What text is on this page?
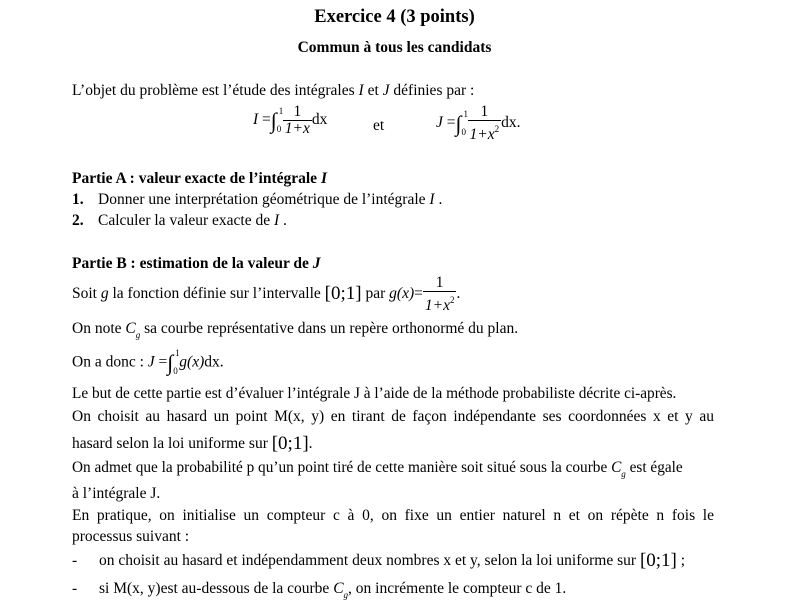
Exercice 4 (3 points)
Commun à tous les candidats
L’objet du problème est l’étude des intégrales I et J définies par :
I =∫ 1
$0 \frac{1}{1+x}$ dx	et	J =∫ 1
$0 \frac{1}{1+x^2}$ dx.
Partie A : valeur exacte de l’intégrale I
1. Donner une interprétation géométrique de l’intégrale I .
2. Calculer la valeur exacte de I .
Partie B : estimation de la valeur de J
Soit g la fonction définie sur l’intervalle [0;1] par $g(x)= \frac{1}{1+x^2}$ .
On note $C_g$ sa courbe représentative dans un repère orthonormé du plan.
On a donc : J =∫ 1
0
g(x)dx.
Le but de cette partie est d’évaluer l’intégrale J à l’aide de la méthode probabiliste décrite ci-après.
On choisit au hasard un point M(x, y) en tirant de façon indépendante ses coordonnées x et y au
hasard selon la loi uniforme sur [0;1].
On admet que la probabilité p qu’un point tiré de cette manière soit situé sous la courbe $C_g$ est égale
à l’intégrale J.
En pratique, on initialise un compteur c à 0, on fixe un entier naturel n et on répète n fois le
processus suivant :
- on choisit au hasard et indépendamment deux nombres x et y, selon la loi uniforme sur [0;1] ;
- si M(x, y)est au-dessous de la courbe $C_g$, on incrémente le compteur c de 1.
